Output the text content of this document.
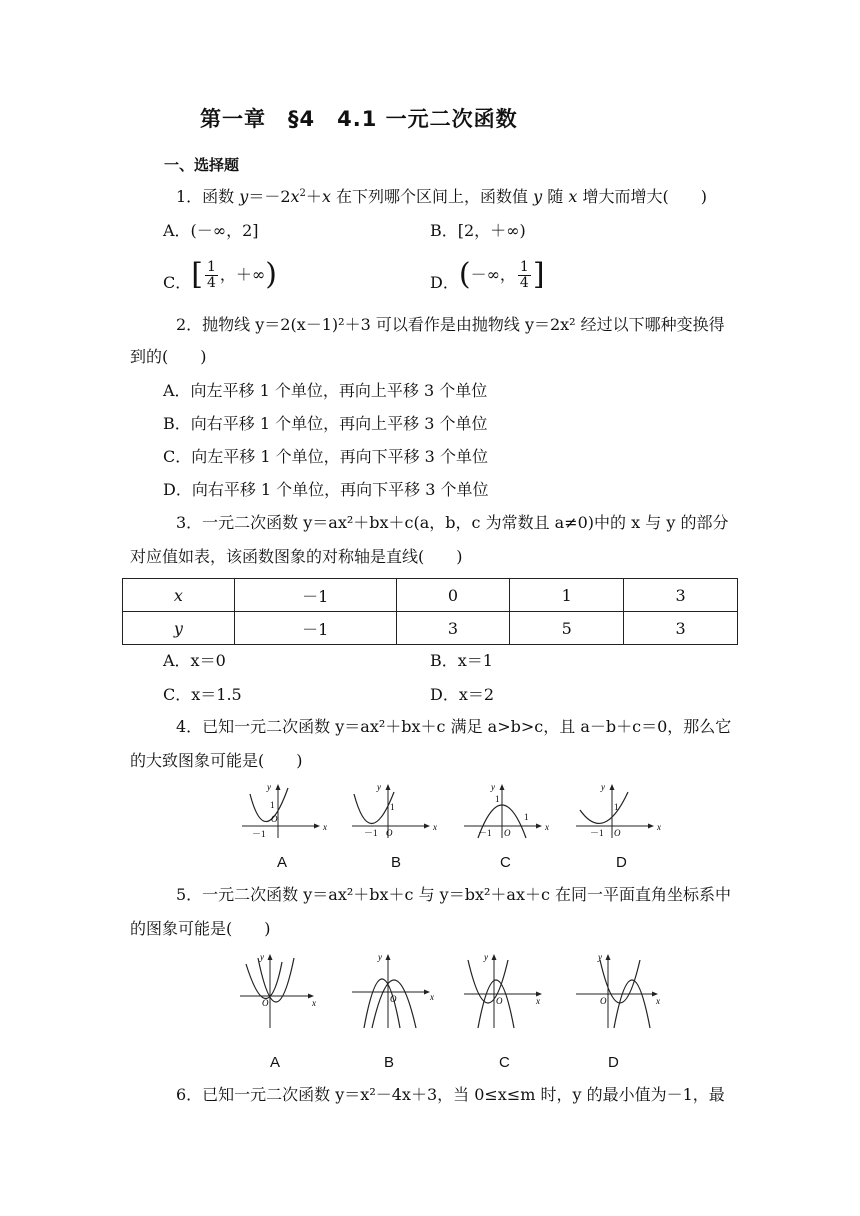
第一章　§4　4.1 一元二次函数
一、选择题
1．函数 $y=-2x^2+x$ 在下列哪个区间上，函数值 y 随 x 增大而增大(　　)
A．(－∞，2]	B．[2，＋∞)
C． [ $\frac{1}{4}$ ，＋∞ )	D． ( －∞， $\frac{1}{4}$ ]
2．抛物线 y＝2(x－1)²＋3 可以看作是由抛物线 y＝2x² 经过以下哪种变换得
到的(　　)
A．向左平移 1 个单位，再向上平移 3 个单位
B．向右平移 1 个单位，再向上平移 3 个单位
C．向左平移 1 个单位，再向下平移 3 个单位
D．向右平移 1 个单位，再向下平移 3 个单位
3．一元二次函数 y＝ax²＋bx＋c(a，b，c 为常数且 a≠0)中的 x 与 y 的部分
对应值如表，该函数图象的对称轴是直线(　　)
x	－1	0	1	3
y	－1	3	5	3
A．x＝0	B．x＝1
C．x＝1.5	D．x＝2
4．已知一元二次函数 y＝ax²＋bx＋c 满足 a>b>c，且 a－b＋c＝0，那么它
的大致图象可能是(　　)
x
y
O
1
－1
x
y
O
1
－1
x
y
O
1
－1
1
x
y
O
1
－1
A	B	C	D
5．一元二次函数 y＝ax²＋bx＋c 与 y＝bx²＋ax＋c 在同一平面直角坐标系中
的图象可能是(　　)
x
y
O
x
y
O	x
y
O	x
y
O
A	B	C	D
6．已知一元二次函数 y＝x²－4x＋3，当 0≤x≤m 时，y 的最小值为－1，最
